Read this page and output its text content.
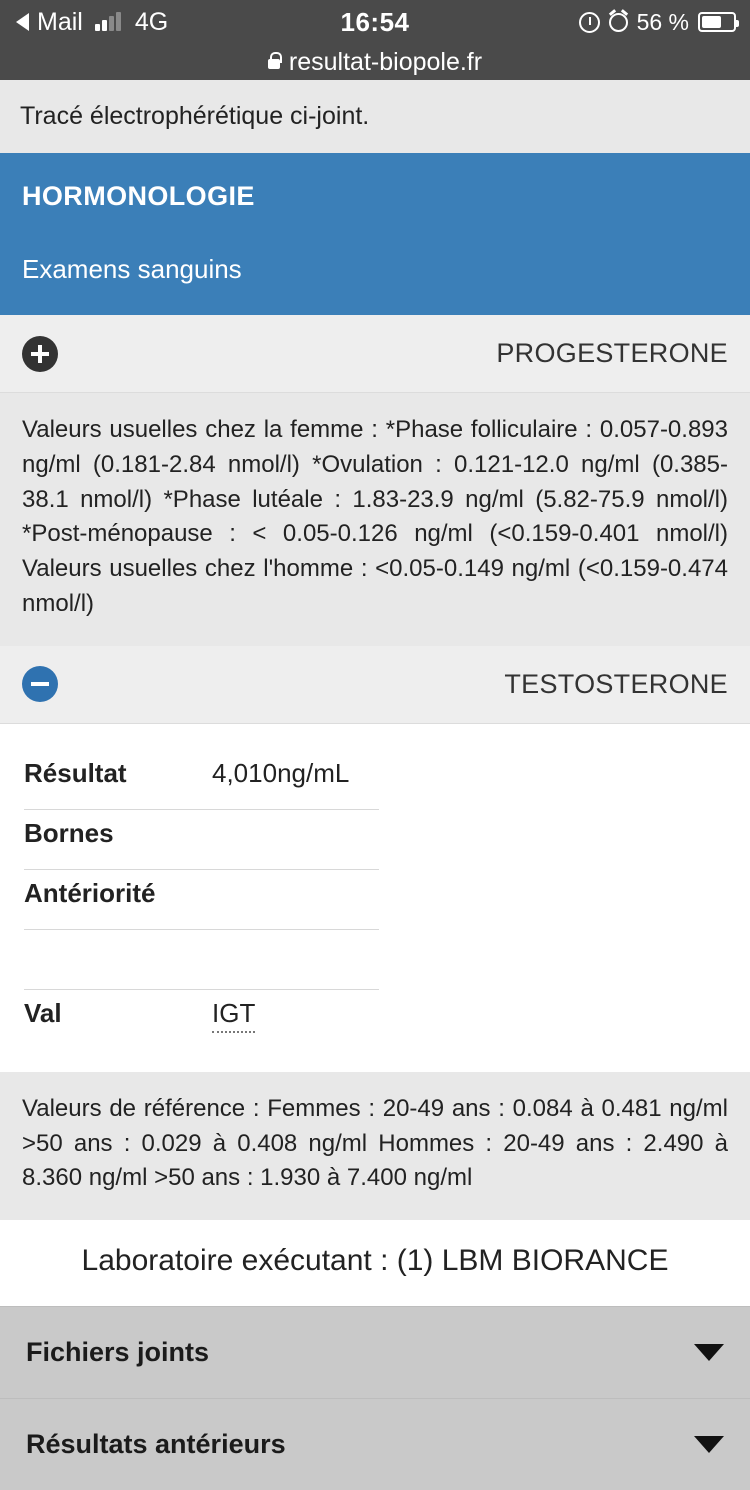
Mail 4G	16:54	56 %
resultat-biopole.fr
Tracé électrophérétique ci-joint.
HORMONOLOGIE
Examens sanguins
PROGESTERONE
Valeurs usuelles chez la femme : *Phase folliculaire : 0.057-0.893 ng/ml (0.181-2.84 nmol/l) *Ovulation : 0.121-12.0 ng/ml (0.385-38.1 nmol/l) *Phase lutéale : 1.83-23.9 ng/ml (5.82-75.9 nmol/l) *Post-ménopause : < 0.05-0.126 ng/ml (<0.159-0.401 nmol/l) Valeurs usuelles chez l'homme : <0.05-0.149 ng/ml (<0.159-0.474 nmol/l)
TESTOSTERONE
Résultat	4,010ng/mL
Bornes
Antériorité
Val	IGT
Valeurs de référence : Femmes : 20-49 ans : 0.084 à 0.481 ng/ml >50 ans : 0.029 à 0.408 ng/ml Hommes : 20-49 ans : 2.490 à 8.360 ng/ml >50 ans : 1.930 à 7.400 ng/ml
Laboratoire exécutant : (1) LBM BIORANCE
Fichiers joints
Résultats antérieurs
